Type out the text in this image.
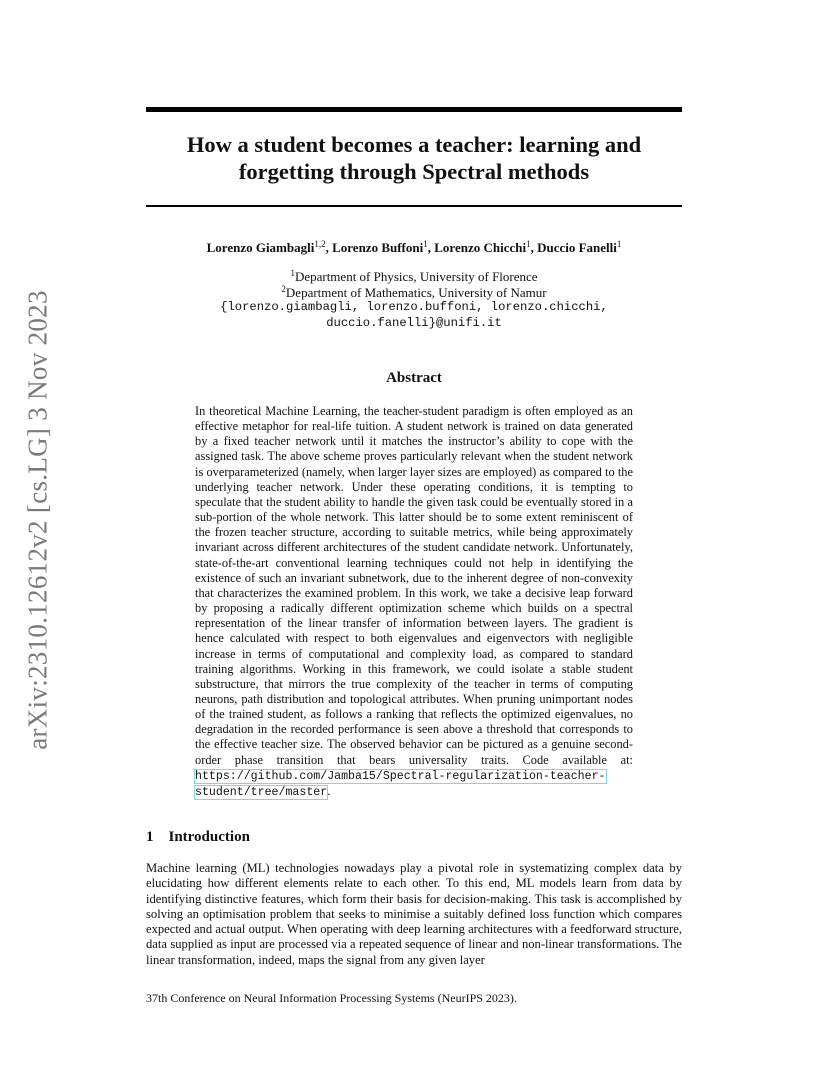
arXiv:2310.12612v2 [cs.LG] 3 Nov 2023
How a student becomes a teacher: learning and
forgetting through Spectral methods
Lorenzo Giambagli$^{1,2}$, Lorenzo Buffoni$^1$, Lorenzo Chicchi$^1$, Duccio Fanelli$^1$
$^1$Department of Physics, University of Florence
$^2$Department of Mathematics, University of Namur
{lorenzo.giambagli, lorenzo.buffoni, lorenzo.chicchi,
duccio.fanelli}@unifi.it
Abstract
In theoretical Machine Learning, the teacher-student paradigm is often employed as an effective metaphor for real-life tuition. A student network is trained on data generated by a fixed teacher network until it matches the instructor’s ability to cope with the assigned task. The above scheme proves particularly relevant when the student network is overparameterized (namely, when larger layer sizes are employed) as compared to the underlying teacher network. Under these operating conditions, it is tempting to speculate that the student ability to handle the given task could be eventually stored in a sub-portion of the whole network. This latter should be to some extent reminiscent of the frozen teacher structure, according to suitable metrics, while being approximately invariant across different architectures of the student candidate network. Unfortunately, state-of-the-art conventional learning techniques could not help in identifying the existence of such an invariant subnetwork, due to the inherent degree of non-convexity that characterizes the examined problem. In this work, we take a decisive leap forward by proposing a radically different optimization scheme which builds on a spectral representation of the linear transfer of information between layers. The gradient is hence calculated with respect to both eigenvalues and eigenvectors with negligible increase in terms of computational and complexity load, as compared to standard training algorithms. Working in this framework, we could isolate a stable student substructure, that mirrors the true complexity of the teacher in terms of computing neurons, path distribution and topological attributes. When pruning unimportant nodes of the trained student, as follows a ranking that reflects the optimized eigenvalues, no degradation in the recorded performance is seen above a threshold that corresponds to the effective teacher size. The observed behavior can be pictured as a genuine second-order phase transition that bears universality traits. Code available at: https://github.com/Jamba15/Spectral-regularization-teacher-student/tree/master.
1 Introduction
Machine learning (ML) technologies nowadays play a pivotal role in systematizing complex data by elucidating how different elements relate to each other. To this end, ML models learn from data by identifying distinctive features, which form their basis for decision-making. This task is accomplished by solving an optimisation problem that seeks to minimise a suitably defined loss function which compares expected and actual output. When operating with deep learning architectures with a feedforward structure, data supplied as input are processed via a repeated sequence of linear and non-linear transformations. The linear transformation, indeed, maps the signal from any given layer
37th Conference on Neural Information Processing Systems (NeurIPS 2023).
